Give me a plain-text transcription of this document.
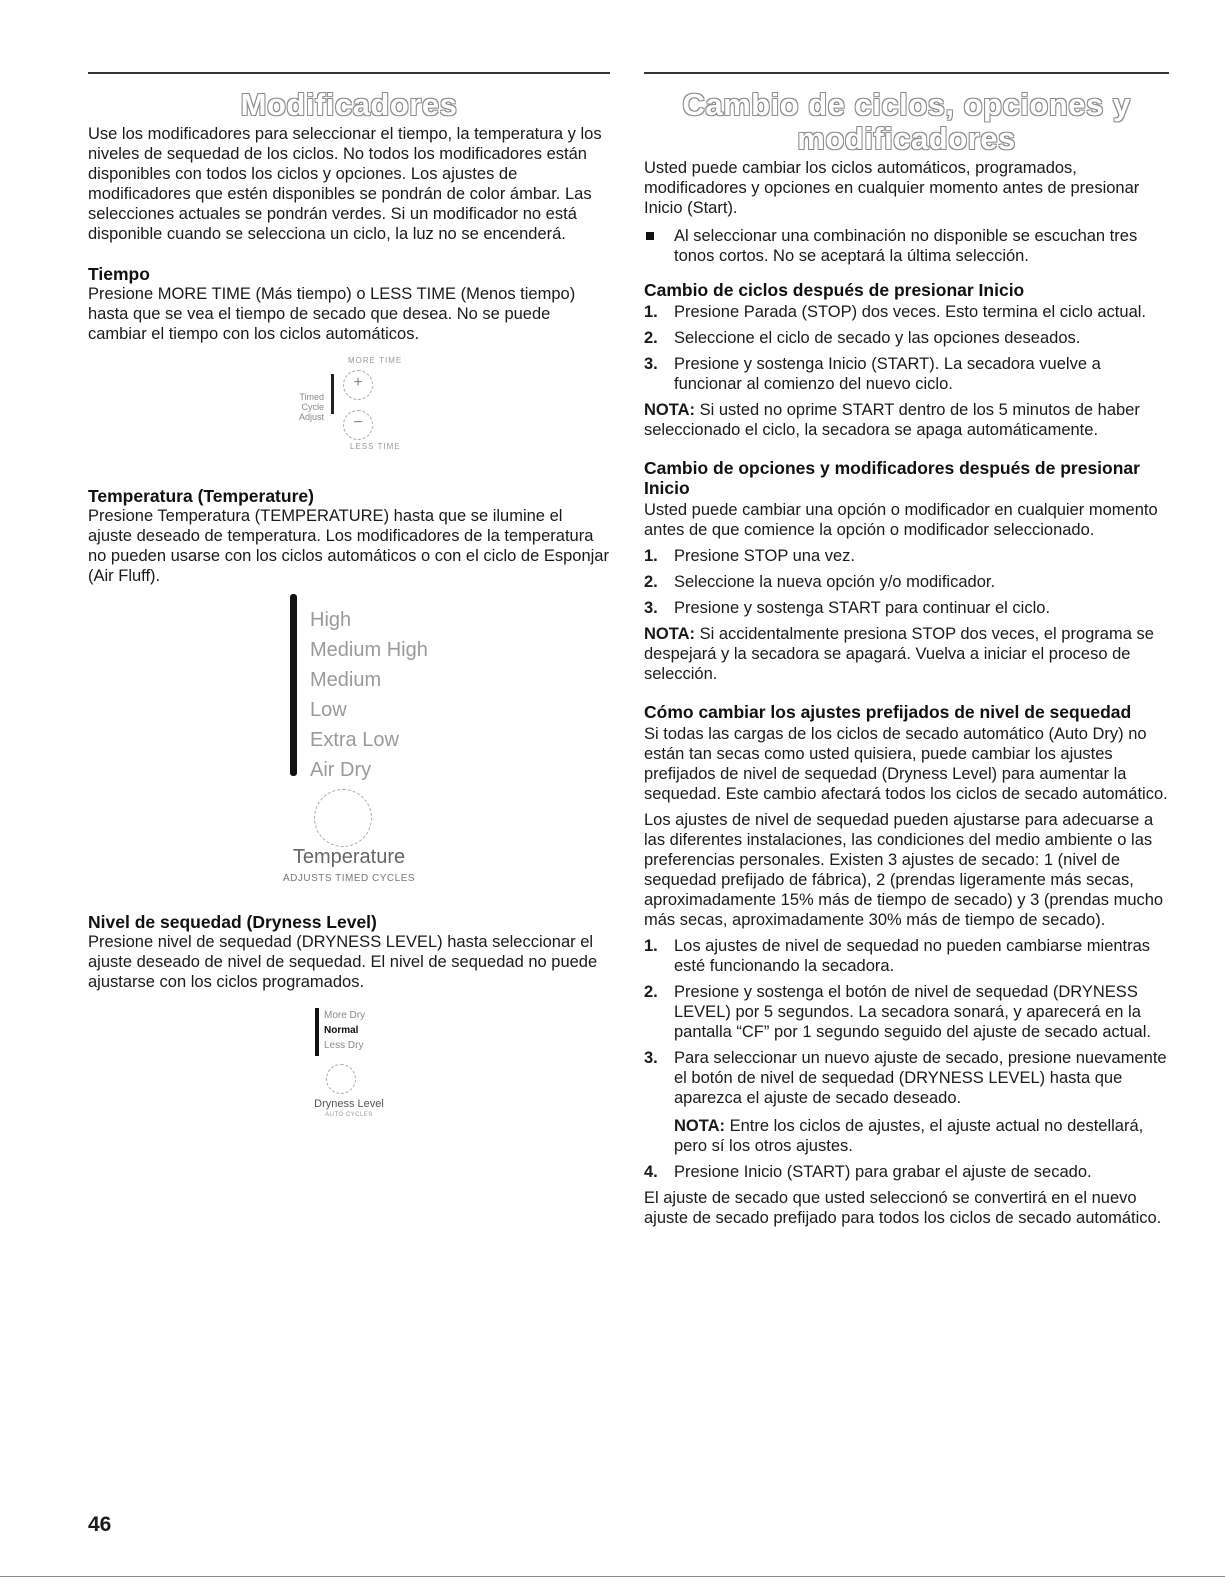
Modificadores

Use los modificadores para seleccionar el tiempo, la temperatura y los niveles de sequedad de los ciclos. No todos los modificadores están disponibles con todos los ciclos y opciones. Los ajustes de modificadores que estén disponibles se pondrán de color ámbar. Las selecciones actuales se pondrán verdes. Si un modificador no está disponible cuando se selecciona un ciclo, la luz no se encenderá.

Tiempo

Presione MORE TIME (Más tiempo) o LESS TIME (Menos tiempo) hasta que se vea el tiempo de secado que desea. No se puede cambiar el tiempo con los ciclos automáticos.

Timed
Cycle
Adjust
MORE TIME
+
−
LESS TIME
Temperatura (Temperature)

Presione Temperatura (TEMPERATURE) hasta que se ilumine el ajuste deseado de temperatura. Los modificadores de la temperatura no pueden usarse con los ciclos automáticos o con el ciclo de Esponjar (Air Fluff).

High
Medium High
Medium
Low
Extra Low
Air Dry
Temperature
ADJUSTS TIMED CYCLES
Nivel de sequedad (Dryness Level)

Presione nivel de sequedad (DRYNESS LEVEL) hasta seleccionar el ajuste deseado de nivel de sequedad. El nivel de sequedad no puede ajustarse con los ciclos programados.

More Dry
Normal
Less Dry
Dryness Level
AUTO CYCLES
Cambio de ciclos, opciones y
modificadores

Usted puede cambiar los ciclos automáticos, programados, modificadores y opciones en cualquier momento antes de presionar Inicio (Start).

Al seleccionar una combinación no disponible se escuchan tres tonos cortos. No se aceptará la última selección.
Cambio de ciclos después de presionar Inicio
1. Presione Parada (STOP) dos veces. Esto termina el ciclo actual.
2. Seleccione el ciclo de secado y las opciones deseados.
3. Presione y sostenga Inicio (START). La secadora vuelve a funcionar al comienzo del nuevo ciclo.

NOTA: Si usted no oprime START dentro de los 5 minutos de haber seleccionado el ciclo, la secadora se apaga automáticamente.

Cambio de opciones y modificadores después de presionar Inicio

Usted puede cambiar una opción o modificador en cualquier momento antes de que comience la opción o modificador seleccionado.

1. Presione STOP una vez.
2. Seleccione la nueva opción y/o modificador.
3. Presione y sostenga START para continuar el ciclo.

NOTA: Si accidentalmente presiona STOP dos veces, el programa se despejará y la secadora se apagará. Vuelva a iniciar el proceso de selección.

Cómo cambiar los ajustes prefijados de nivel de sequedad

Si todas las cargas de los ciclos de secado automático (Auto Dry) no están tan secas como usted quisiera, puede cambiar los ajustes prefijados de nivel de sequedad (Dryness Level) para aumentar la sequedad. Este cambio afectará todos los ciclos de secado automático.

Los ajustes de nivel de sequedad pueden ajustarse para adecuarse a las diferentes instalaciones, las condiciones del medio ambiente o las preferencias personales. Existen 3 ajustes de secado: 1 (nivel de sequedad prefijado de fábrica), 2 (prendas ligeramente más secas, aproximadamente 15% más de tiempo de secado) y 3 (prendas mucho más secas, aproximadamente 30% más de tiempo de secado).

1. Los ajustes de nivel de sequedad no pueden cambiarse mientras esté funcionando la secadora.
2. Presione y sostenga el botón de nivel de sequedad (DRYNESS LEVEL) por 5 segundos. La secadora sonará, y aparecerá en la pantalla “CF” por 1 segundo seguido del ajuste de secado actual.
3. Para seleccionar un nuevo ajuste de secado, presione nuevamente el botón de nivel de sequedad (DRYNESS LEVEL) hasta que aparezca el ajuste de secado deseado.
NOTA: Entre los ciclos de ajustes, el ajuste actual no destellará, pero sí los otros ajustes.
4. Presione Inicio (START) para grabar el ajuste de secado.

El ajuste de secado que usted seleccionó se convertirá en el nuevo ajuste de secado prefijado para todos los ciclos de secado automático.

46
